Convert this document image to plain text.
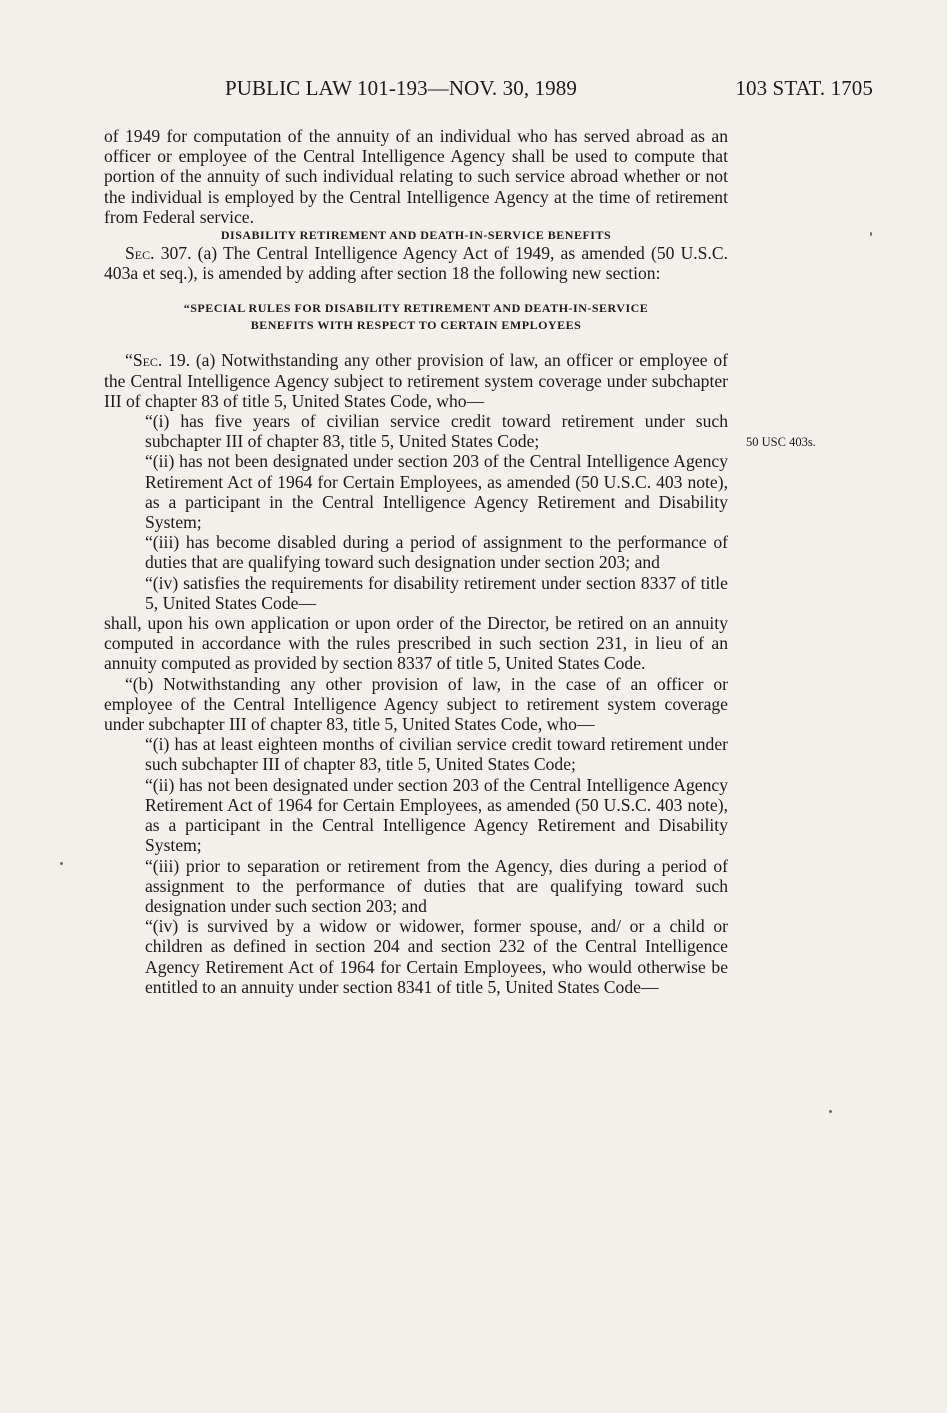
PUBLIC LAW 101-193—NOV. 30, 1989	103 STAT. 1705
50 USC 403s.

of 1949 for computation of the annuity of an individual who has served abroad as an officer or employee of the Central Intelligence Agency shall be used to compute that portion of the annuity of such individual relating to such service abroad whether or not the individual is employed by the Central Intelligence Agency at the time of retirement from Federal service.

DISABILITY RETIREMENT AND DEATH-IN-SERVICE BENEFITS

Sec. 307. (a) The Central Intelligence Agency Act of 1949, as amended (50 U.S.C. 403a et seq.), is amended by adding after section 18 the following new section:

“SPECIAL RULES FOR DISABILITY RETIREMENT AND DEATH-IN-SERVICE
BENEFITS WITH RESPECT TO CERTAIN EMPLOYEES

“Sec. 19. (a) Notwithstanding any other provision of law, an officer or employee of the Central Intelligence Agency subject to retirement system coverage under subchapter III of chapter 83 of title 5, United States Code, who—

“(i) has five years of civilian service credit toward retirement under such subchapter III of chapter 83, title 5, United States Code;

“(ii) has not been designated under section 203 of the Central Intelligence Agency Retirement Act of 1964 for Certain Employees, as amended (50 U.S.C. 403 note), as a participant in the Central Intelligence Agency Retirement and Disability System;

“(iii) has become disabled during a period of assignment to the performance of duties that are qualifying toward such designation under section 203; and

“(iv) satisfies the requirements for disability retirement under section 8337 of title 5, United States Code—

shall, upon his own application or upon order of the Director, be retired on an annuity computed in accordance with the rules prescribed in such section 231, in lieu of an annuity computed as provided by section 8337 of title 5, United States Code.

“(b) Notwithstanding any other provision of law, in the case of an officer or employee of the Central Intelligence Agency subject to retirement system coverage under subchapter III of chapter 83, title 5, United States Code, who—

“(i) has at least eighteen months of civilian service credit toward retirement under such subchapter III of chapter 83, title 5, United States Code;

“(ii) has not been designated under section 203 of the Central Intelligence Agency Retirement Act of 1964 for Certain Employees, as amended (50 U.S.C. 403 note), as a participant in the Central Intelligence Agency Retirement and Disability System;

“(iii) prior to separation or retirement from the Agency, dies during a period of assignment to the performance of duties that are qualifying toward such designation under such section 203; and

“(iv) is survived by a widow or widower, former spouse, and/ or a child or children as defined in section 204 and section 232 of the Central Intelligence Agency Retirement Act of 1964 for Certain Employees, who would otherwise be entitled to an annuity under section 8341 of title 5, United States Code—
